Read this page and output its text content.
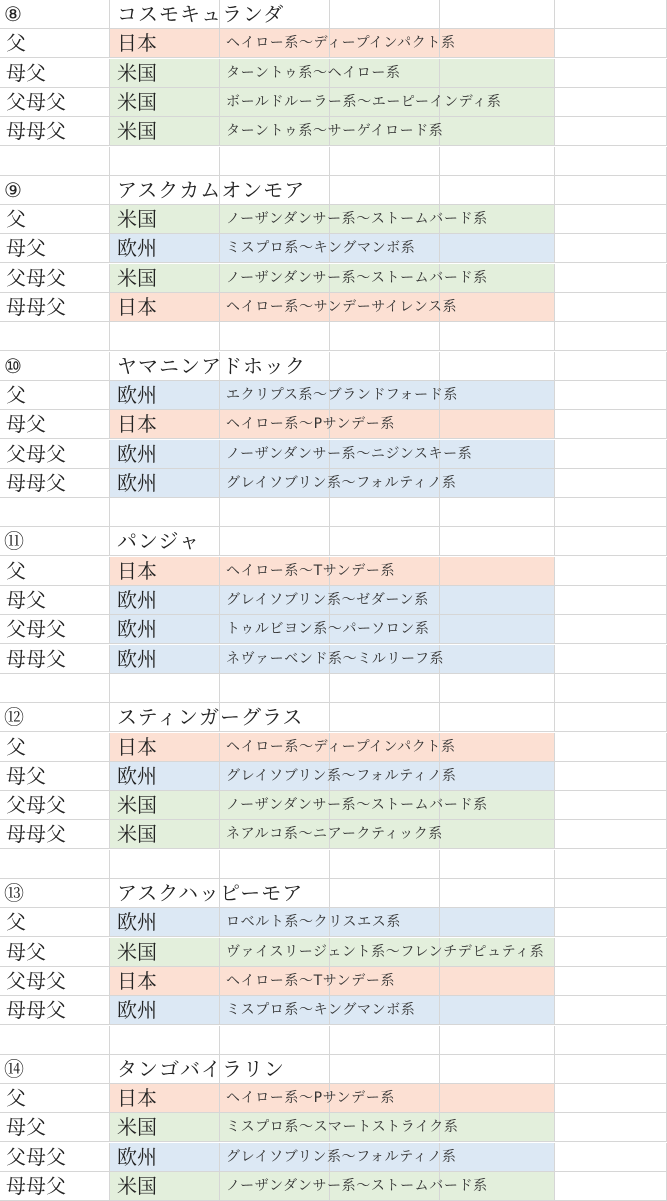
⑧	コスモキュランダ
父	日本	ヘイロー系〜ディープインパクト系
母父	米国	ターントゥ系〜ヘイロー系
父母父	米国	ボールドルーラー系〜エーピーインディ系
母母父	米国	ターントゥ系〜サーゲイロード系
⑨	アスクカムオンモア
父	米国	ノーザンダンサー系〜ストームバード系
母父	欧州	ミスプロ系〜キングマンボ系
父母父	米国	ノーザンダンサー系〜ストームバード系
母母父	日本	ヘイロー系〜サンデーサイレンス系
⑩	ヤマニンアドホック
父	欧州	エクリプス系〜ブランドフォード系
母父	日本	ヘイロー系〜Pサンデー系
父母父	欧州	ノーザンダンサー系〜ニジンスキー系
母母父	欧州	グレイソブリン系〜フォルティノ系
⑪	パンジャ
父	日本	ヘイロー系〜Tサンデー系
母父	欧州	グレイソブリン系〜ゼダーン系
父母父	欧州	トゥルビヨン系〜パーソロン系
母母父	欧州	ネヴァーベンド系〜ミルリーフ系
⑫	スティンガーグラス
父	日本	ヘイロー系〜ディープインパクト系
母父	欧州	グレイソブリン系〜フォルティノ系
父母父	米国	ノーザンダンサー系〜ストームバード系
母母父	米国	ネアルコ系〜ニアークティック系
⑬	アスクハッピーモア
父	欧州	ロベルト系〜クリスエス系
母父	米国	ヴァイスリージェント系〜フレンチデピュティ系
父母父	日本	ヘイロー系〜Tサンデー系
母母父	欧州	ミスプロ系〜キングマンボ系
⑭	タンゴバイラリン
父	日本	ヘイロー系〜Pサンデー系
母父	米国	ミスプロ系〜スマートストライク系
父母父	欧州	グレイソブリン系〜フォルティノ系
母母父	米国	ノーザンダンサー系〜ストームバード系
